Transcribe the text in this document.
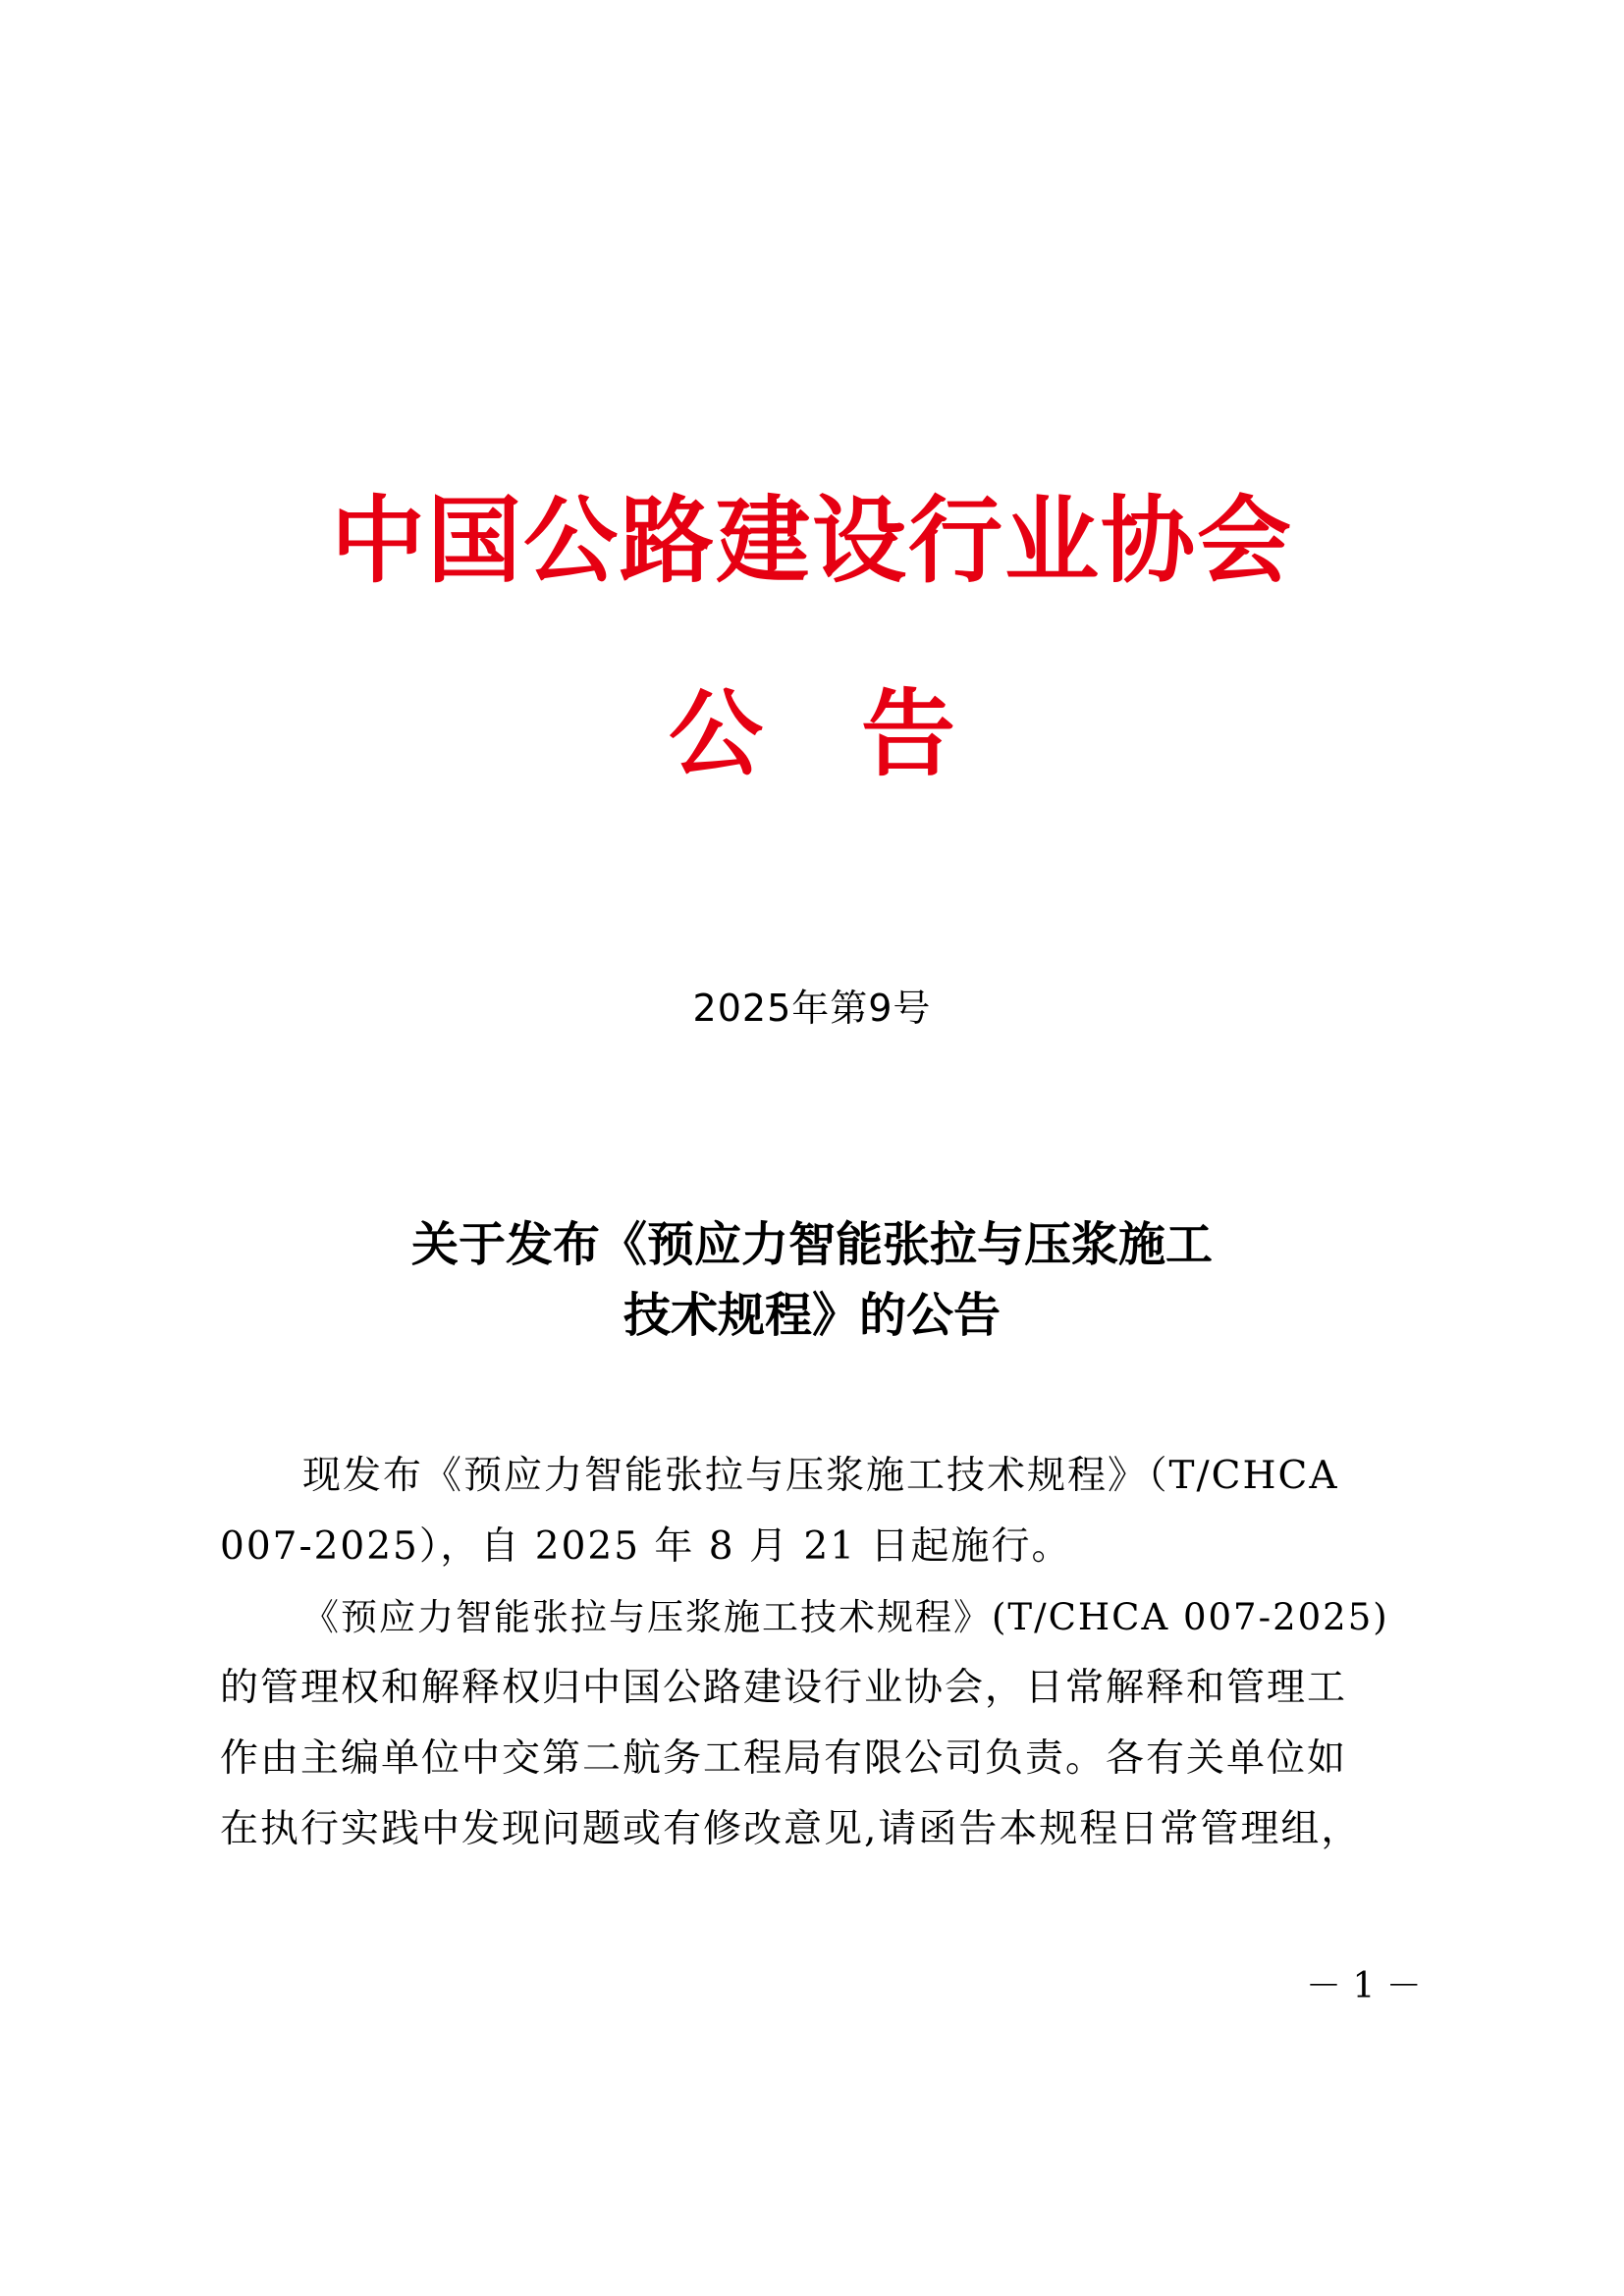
中国公路建设行业协会
公告
2025年第9号
关于发布《预应力智能张拉与压浆施工
技术规程》的公告
现发布《预应力智能张拉与压浆施工技术规程》（T/CHCA
007-2025），自 2025 年 8 月 21 日起施行。
《预应力智能张拉与压浆施工技术规程》(T/CHCA 007-2025)
的管理权和解释权归中国公路建设行业协会，日常解释和管理工
作由主编单位中交第二航务工程局有限公司负责。各有关单位如
在执行实践中发现问题或有修改意见,请函告本规程日常管理组，
－ 1 －
